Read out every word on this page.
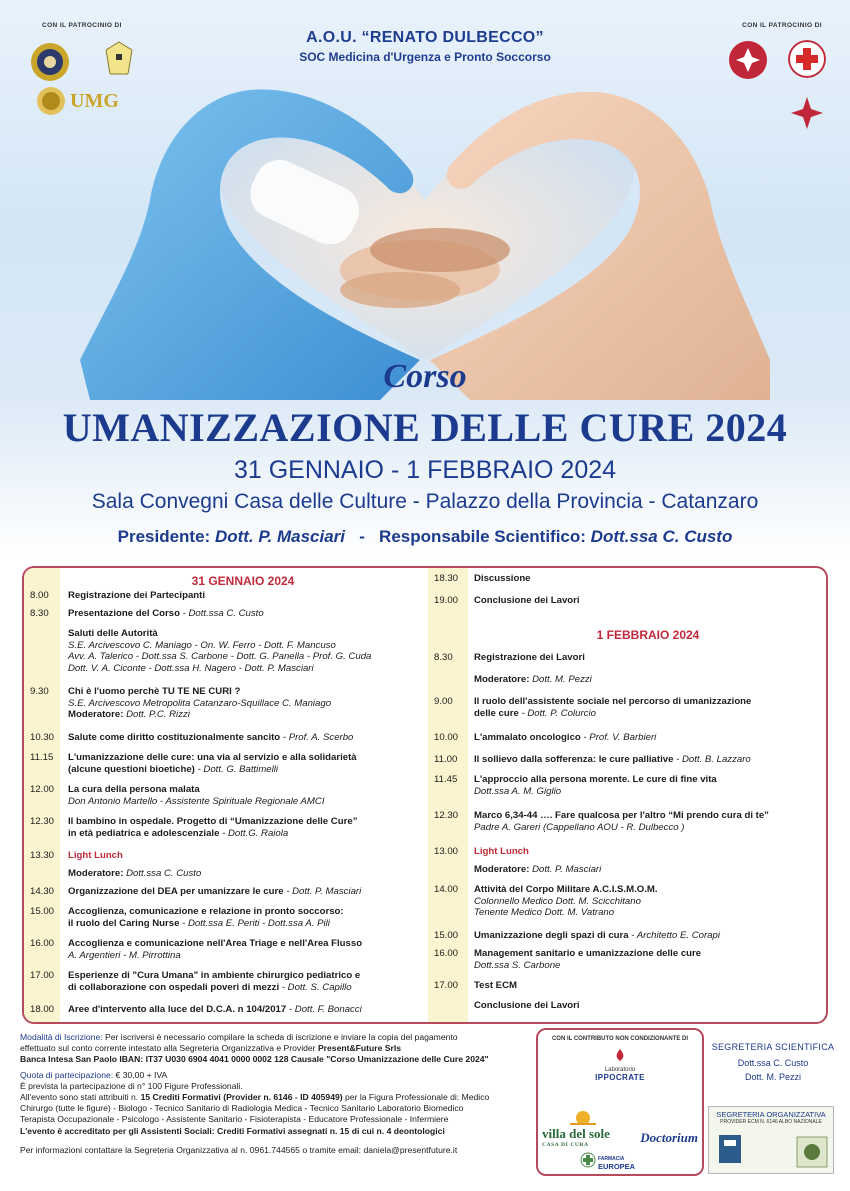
CON IL PATROCINIO DI	CON IL PATROCINIO DI
UMG
A.O.U. “RENATO DULBECCO”
SOC Medicina d'Urgenza e Pronto Soccorso
Corso
UMANIZZAZIONE DELLE CURE 2024
31 GENNAIO - 1 FEBBRAIO 2024
Sala Convegni Casa delle Culture - Palazzo della Provincia - Catanzaro
Presidente: Dott. P. Masciari - Responsabile Scientifico: Dott.ssa C. Custo
31 GENNAIO 2024
8.00 Registrazione dei Partecipanti
8.30 Presentazione del Corso - Dott.ssa C. Custo
Saluti delle Autorità
S.E. Arcivescovo C. Maniago - On. W. Ferro - Dott. F. Mancuso
Avv. A. Talerico - Dott.ssa S. Carbone - Dott. G. Panella - Prof. G. Cuda
Dott. V. A. Ciconte - Dott.ssa H. Nagero - Dott. P. Masciari
9.30 Chi è l'uomo perchè TU TE NE CURI ?
S.E. Arcivescovo Metropolita Catanzaro-Squillace C. Maniago
Moderatore: Dott. P.C. Rizzi
10.30 Salute come diritto costituzionalmente sancito - Prof. A. Scerbo
11.15 L'umanizzazione delle cure: una via al servizio e alla solidarietà
(alcune questioni bioetiche) - Dott. G. Battimelli
12.00 La cura della persona malata
Don Antonio Martello - Assistente Spirituale Regionale AMCI
12.30 Il bambino in ospedale. Progetto di “Umanizzazione delle Cure”
in età pediatrica e adolescenziale - Dott.G. Raiola
13.30 Light Lunch
Moderatore: Dott.ssa C. Custo
14.30 Organizzazione del DEA per umanizzare le cure - Dott. P. Masciari
15.00 Accoglienza, comunicazione e relazione in pronto soccorso:
il ruolo del Caring Nurse - Dott.ssa E. Periti - Dott.ssa A. Pili
16.00 Accoglienza e comunicazione nell'Area Triage e nell'Area Flusso
A. Argentieri - M. Pirrottina
17.00 Esperienze di "Cura Umana" in ambiente chirurgico pediatrico e
di collaborazione con ospedali poveri di mezzi - Dott. S. Capillo
18.00 Aree d'intervento alla luce del D.C.A. n 104/2017 - Dott. F. Bonacci
18.30 Discussione
19.00 Conclusione dei Lavori
1 FEBBRAIO 2024
8.30 Registrazione dei Lavori
Moderatore: Dott. M. Pezzi
9.00 Il ruolo dell'assistente sociale nel percorso di umanizzazione
delle cure - Dott. P. Colurcio
10.00 L'ammalato oncologico - Prof. V. Barbieri
11.00 Il sollievo dalla sofferenza: le cure palliative - Dott. B. Lazzaro
11.45 L'approccio alla persona morente. Le cure di fine vita
Dott.ssa A. M. Giglio
12.30 Marco 6,34-44 …. Fare qualcosa per l'altro “Mi prendo cura di te”
Padre A. Gareri (Cappellano AOU - R. Dulbecco )
13.00 Light Lunch
Moderatore: Dott. P. Masciari
14.00 Attività del Corpo Militare A.C.I.S.M.O.M.
Colonnello Medico Dott. M. Scicchitano
Tenente Medico Dott. M. Vatrano
15.00 Umanizzazione degli spazi di cura - Architetto E. Corapi
16.00 Management sanitario e umanizzazione delle cure
Dott.ssa S. Carbone
17.00 Test ECM
Conclusione dei Lavori
Modalità di Iscrizione: Per iscriversi è necessario compilare la scheda di iscrizione e inviare la copia del pagamento
effettuato sul conto corrente intestato alla Segreteria Organizzativa e Provider Present&Future Srls
Banca Intesa San Paolo IBAN: IT37 U030 6904 4041 0000 0002 128 Causale "Corso Umanizzazione delle Cure 2024"
Quota di partecipazione: € 30,00 + IVA
È prevista la partecipazione di n° 100 Figure Professionali.
All'evento sono stati attribuiti n. 15 Crediti Formativi (Provider n. 6146 - ID 405949) per la Figura Professionale di: Medico
Chirurgo (tutte le figure) - Biologo - Tecnico Sanitario di Radiologia Medica - Tecnico Sanitario Laboratorio Biomedico
Terapista Occupazionale - Psicologo - Assistente Sanitario - Fisioterapista - Educatore Professionale - Infermiere
L'evento è accreditato per gli Assistenti Sociali: Crediti Formativi assegnati n. 15 di cui n. 4 deontologici
Per informazioni contattare la Segreteria Organizzativa al n. 0961.744565 o tramite email: daniela@presentfuture.it
CON IL CONTRIBUTO NON CONDIZIONANTE DI
Laboratorio
IPPOCRATE
villa del sole
CASA DI CURA	Doctorium
FARMACIA
EUROPEA
SEGRETERIA SCIENTIFICA
Dott.ssa C. Custo
Dott. M. Pezzi
SEGRETERIA ORGANIZZATIVA
PROVIDER ECM N. 6146 ALBO NAZIONALE
